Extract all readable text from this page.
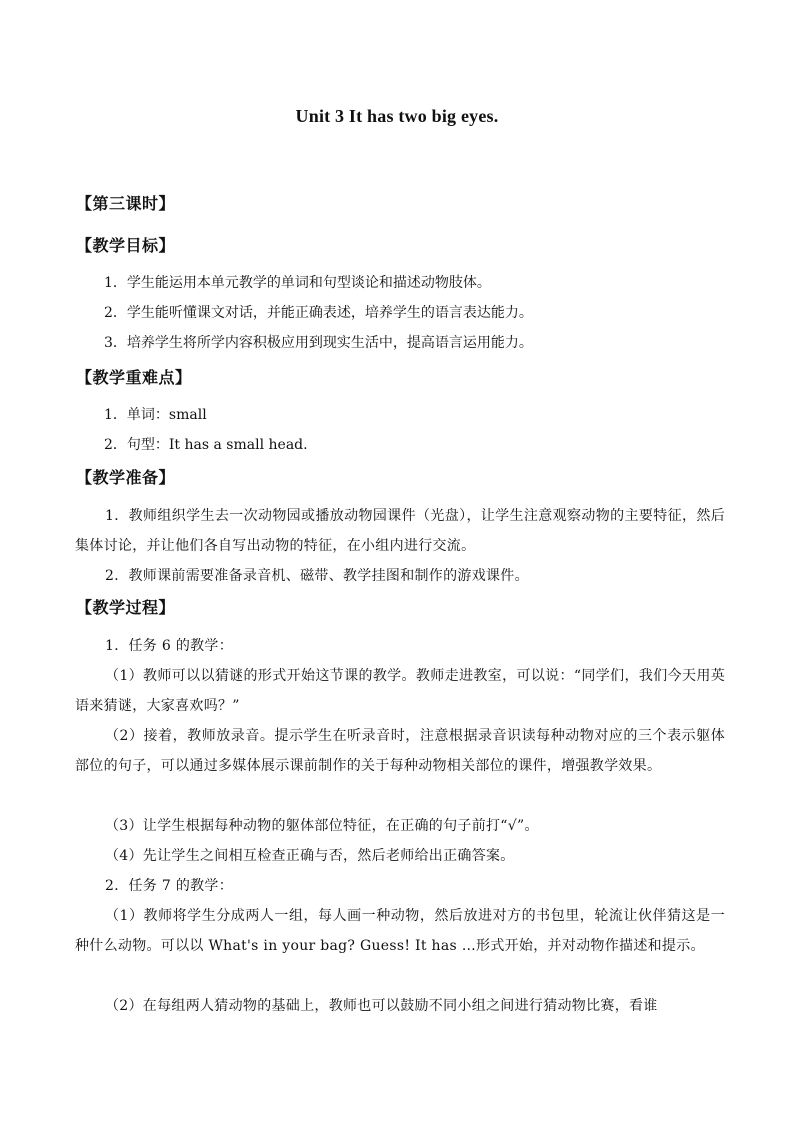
Unit 3 It has two big eyes.
【第三课时】
【教学目标】
1．学生能运用本单元教学的单词和句型谈论和描述动物肢体。
2．学生能听懂课文对话，并能正确表述，培养学生的语言表达能力。
3．培养学生将所学内容积极应用到现实生活中，提高语言运用能力。
【教学重难点】
1．单词：small
2．句型：It has a small head.
【教学准备】
1．教师组织学生去一次动物园或播放动物园课件（光盘），让学生注意观察动物的主要特征，然后集体讨论，并让他们各自写出动物的特征，在小组内进行交流。
2．教师课前需要准备录音机、磁带、教学挂图和制作的游戏课件。
【教学过程】
1．任务 6 的教学：
（1）教师可以以猜谜的形式开始这节课的教学。教师走进教室，可以说：“同学们，我们今天用英语来猜谜，大家喜欢吗？”
（2）接着，教师放录音。提示学生在听录音时，注意根据录音识读每种动物对应的三个表示躯体部位的句子，可以通过多媒体展示课前制作的关于每种动物相关部位的课件，增强教学效果。
（3）让学生根据每种动物的躯体部位特征，在正确的句子前打“√”。
（4）先让学生之间相互检查正确与否，然后老师给出正确答案。
2．任务 7 的教学：
（1）教师将学生分成两人一组，每人画一种动物，然后放进对方的书包里，轮流让伙伴猜这是一种什么动物。可以以 What's in your bag? Guess! It has …形式开始，并对动物作描述和提示。
（2）在每组两人猜动物的基础上，教师也可以鼓励不同小组之间进行猜动物比赛，看谁
